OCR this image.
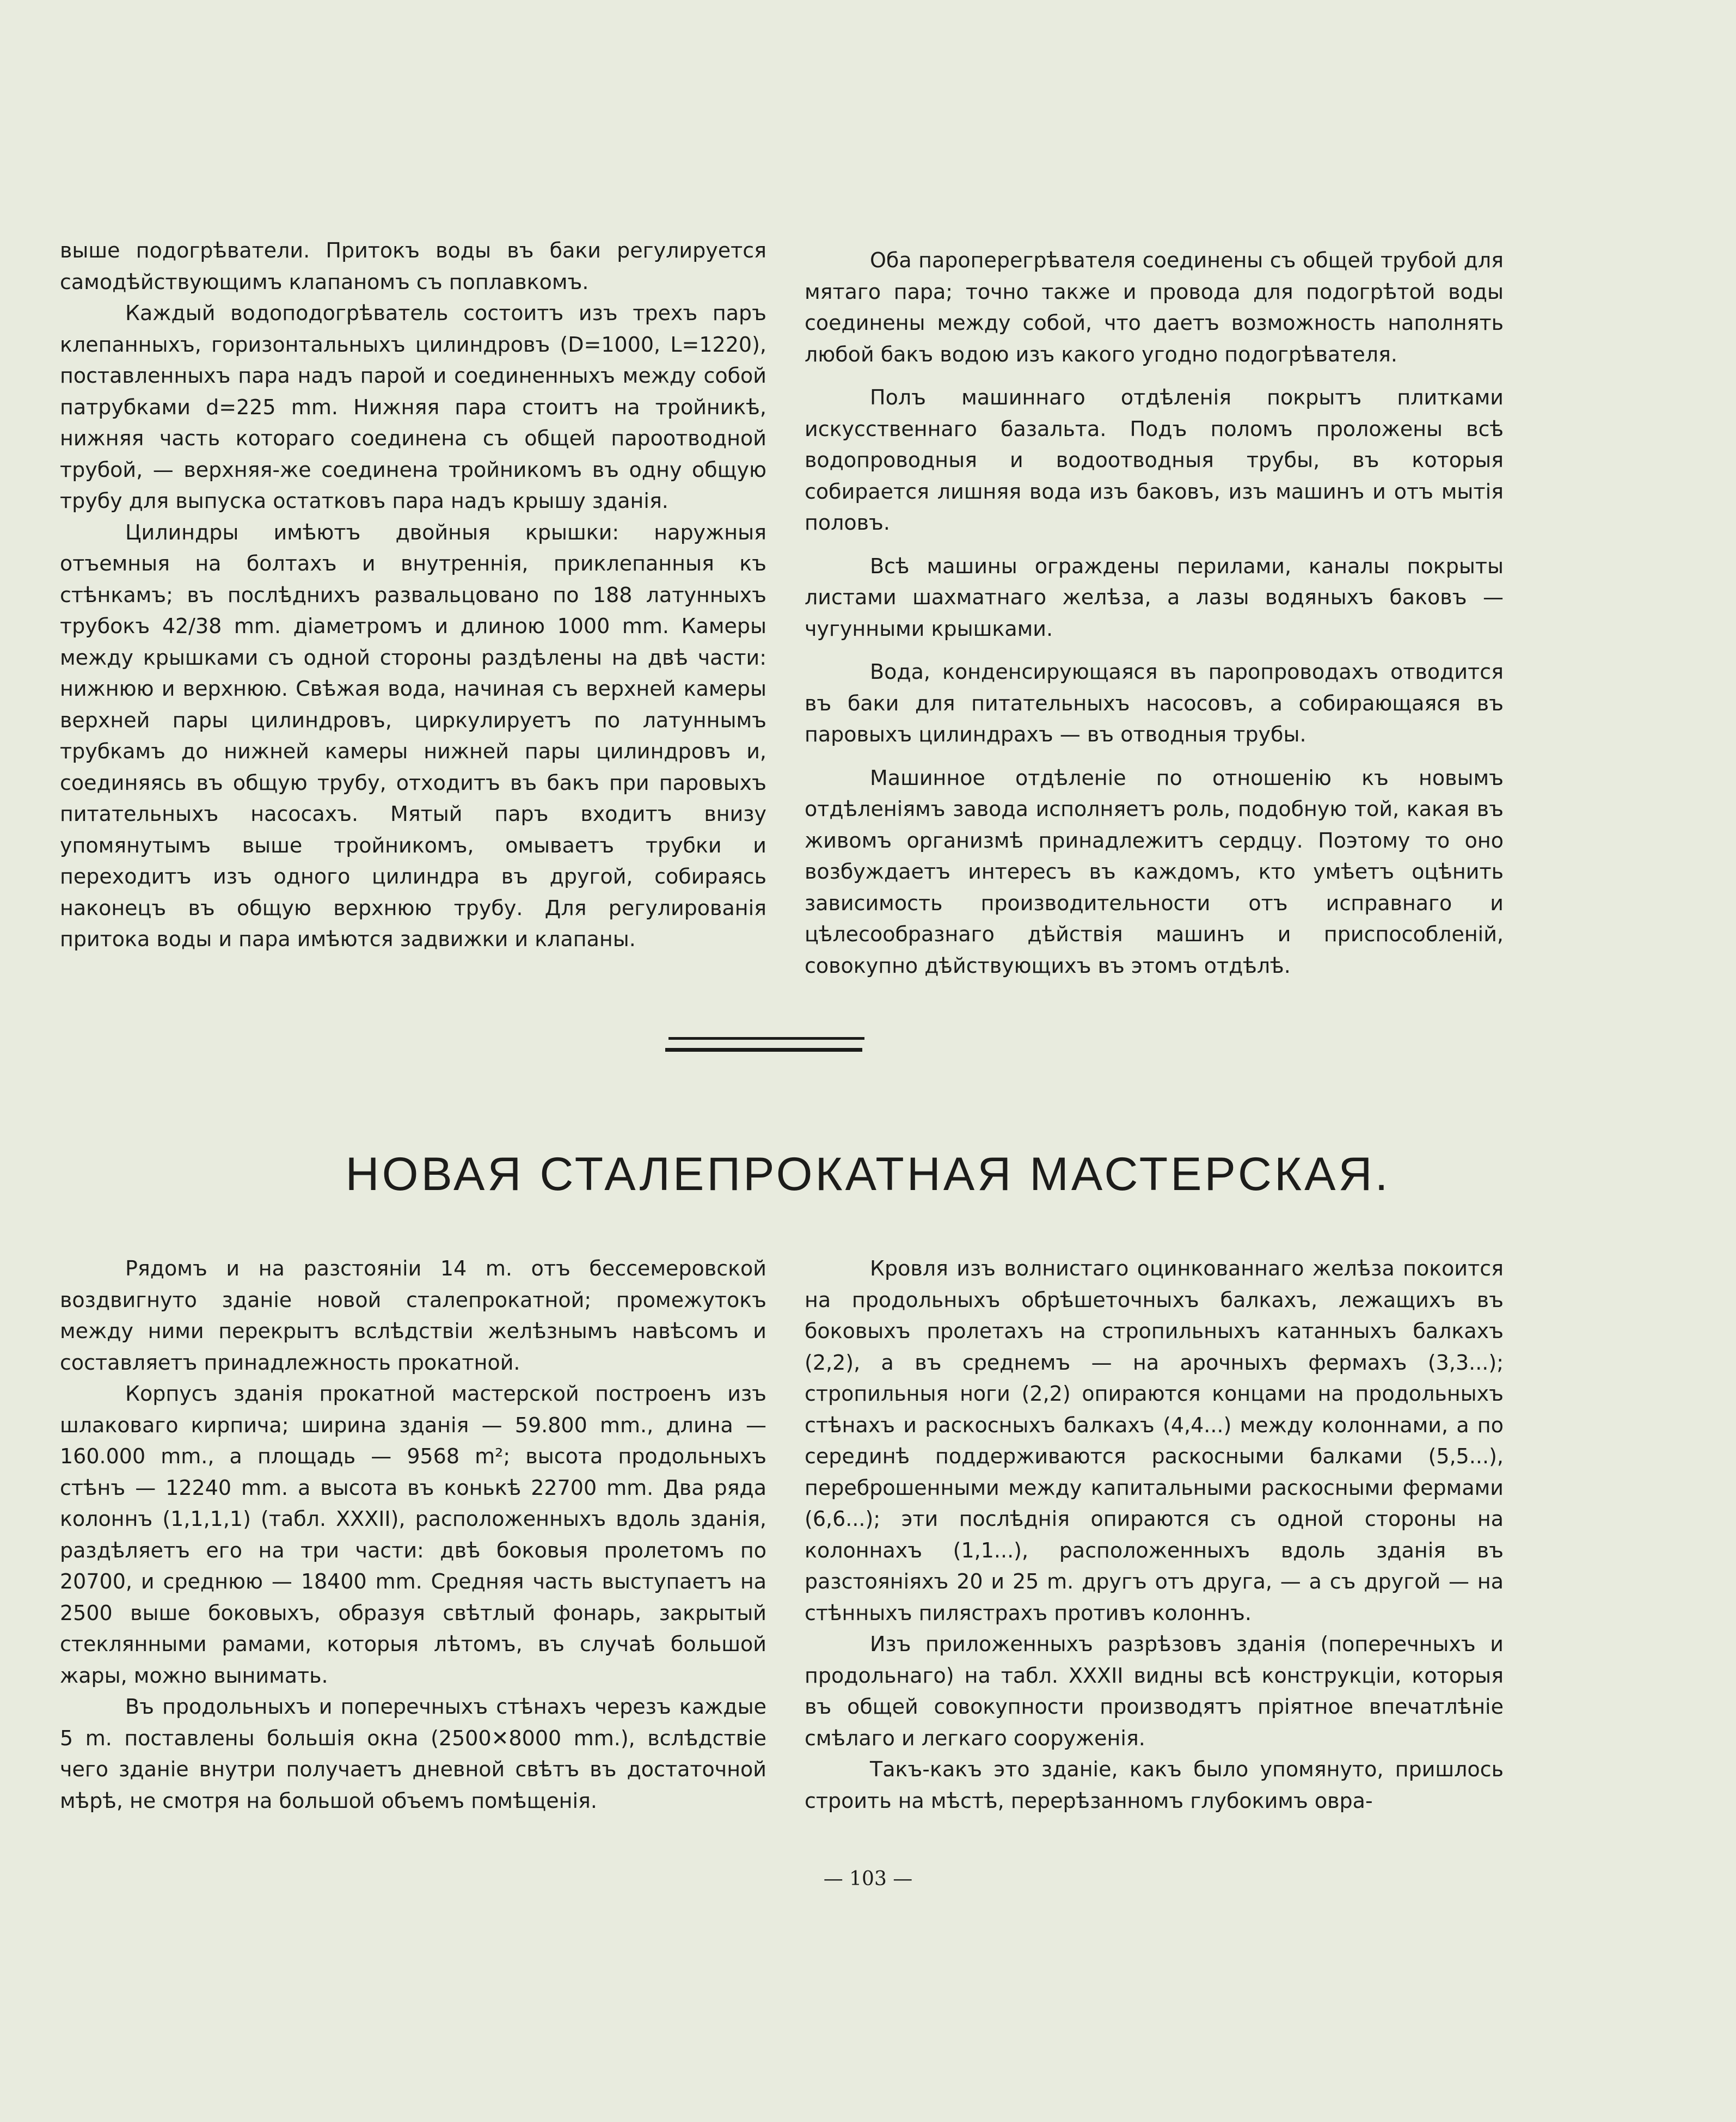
выше подогрѣватели. Притокъ воды въ баки регулируется самодѣйствующимъ клапаномъ съ поплавкомъ.

Каждый водоподогрѣватель состоитъ изъ трехъ паръ клепанныхъ, горизонтальныхъ цилиндровъ (D=1000, L=1220), поставленныхъ пара надъ парой и соединенныхъ между собой патрубками d=225 mm. Нижняя пара стоитъ на тройникѣ, нижняя часть котораго соединена съ общей пароотводной трубой, — верхняя-же соединена тройникомъ въ одну общую трубу для выпуска остатковъ пара надъ крышу зданія.

Цилиндры имѣютъ двойныя крышки: наружныя отъемныя на болтахъ и внутреннія, приклепанныя къ стѣнкамъ; въ послѣднихъ развальцовано по 188 латунныхъ трубокъ 42/38 mm. діаметромъ и длиною 1000 mm. Камеры между крышками съ одной стороны раздѣлены на двѣ части: нижнюю и верхнюю. Свѣжая вода, начиная съ верхней камеры верхней пары цилиндровъ, циркулируетъ по латуннымъ трубкамъ до нижней камеры нижней пары цилиндровъ и, соединяясь въ общую трубу, отходитъ въ бакъ при паровыхъ питательныхъ насосахъ. Мятый паръ входитъ внизу упомянутымъ выше тройникомъ, омываетъ трубки и переходитъ изъ одного цилиндра въ другой, собираясь наконецъ въ общую верхнюю трубу. Для регулированія притока воды и пара имѣются задвижки и клапаны.

Оба пароперегрѣвателя соединены съ общей трубой для мятаго пара; точно также и провода для подогрѣтой воды соединены между собой, что даетъ возможность наполнять любой бакъ водою изъ какого угодно подогрѣвателя.

Полъ машиннаго отдѣленія покрытъ плитками искусственнаго базальта. Подъ поломъ проложены всѣ водопроводныя и водоотводныя трубы, въ которыя собирается лишняя вода изъ баковъ, изъ машинъ и отъ мытія половъ.

Всѣ машины ограждены перилами, каналы покрыты листами шахматнаго желѣза, а лазы водяныхъ баковъ — чугунными крышками.

Вода, конденсирующаяся въ паропроводахъ отводится въ баки для питательныхъ насосовъ, а собирающаяся въ паровыхъ цилиндрахъ — въ отводныя трубы.

Машинное отдѣленіе по отношенію къ новымъ отдѣленіямъ завода исполняетъ роль, подобную той, какая въ живомъ организмѣ принадлежитъ сердцу. Поэтому то оно возбуждаетъ интересъ въ каждомъ, кто умѣетъ оцѣнить зависимость производительности отъ исправнаго и цѣлесообразнаго дѣйствія машинъ и приспособленій, совокупно дѣйствующихъ въ этомъ отдѣлѣ.

НОВАЯ СТАЛЕПРОКАТНАЯ МАСТЕРСКАЯ.

Рядомъ и на разстояніи 14 m. отъ бессемеровской воздвигнуто зданіе новой сталепрокатной; промежутокъ между ними перекрытъ вслѣдствіи желѣзнымъ навѣсомъ и составляетъ принадлежность прокатной.

Корпусъ зданія прокатной мастерской построенъ изъ шлаковаго кирпича; ширина зданія — 59.800 mm., длина — 160.000 mm., а площадь — 9568 m²; высота продольныхъ стѣнъ — 12240 mm. а высота въ конькѣ 22700 mm. Два ряда колоннъ (1,1,1,1) (табл. XXXII), расположенныхъ вдоль зданія, раздѣляетъ его на три части: двѣ боковыя пролетомъ по 20700, и среднюю — 18400 mm. Средняя часть выступаетъ на 2500 выше боковыхъ, образуя свѣтлый фонарь, закрытый стеклянными рамами, которыя лѣтомъ, въ случаѣ большой жары, можно вынимать.

Въ продольныхъ и поперечныхъ стѣнахъ черезъ каждые 5 m. поставлены большія окна (2500✕8000 mm.), вслѣдствіе чего зданіе внутри получаетъ дневной свѣтъ въ достаточной мѣрѣ, не смотря на большой объемъ помѣщенія.

Кровля изъ волнистаго оцинкованнаго желѣза покоится на продольныхъ обрѣшеточныхъ балкахъ, лежащихъ въ боковыхъ пролетахъ на стропильныхъ катанныхъ балкахъ (2,2), а въ среднемъ — на арочныхъ фермахъ (3,3...); стропильныя ноги (2,2) опираются концами на продольныхъ стѣнахъ и раскосныхъ балкахъ (4,4...) между колоннами, а по серединѣ поддерживаются раскосными балками (5,5...), переброшенными между капитальными раскосными фермами (6,6...); эти послѣднія опираются съ одной стороны на колоннахъ (1,1...), расположенныхъ вдоль зданія въ разстояніяхъ 20 и 25 m. другъ отъ друга, — а съ другой — на стѣнныхъ пилястрахъ противъ колоннъ.

Изъ приложенныхъ разрѣзовъ зданія (поперечныхъ и продольнаго) на табл. XXXII видны всѣ конструкціи, которыя въ общей совокупности производятъ пріятное впечатлѣніе смѣлаго и легкаго сооруженія.

Такъ-какъ это зданіе, какъ было упомянуто, пришлось строить на мѣстѣ, перерѣзанномъ глубокимъ овра-

— 103 —
